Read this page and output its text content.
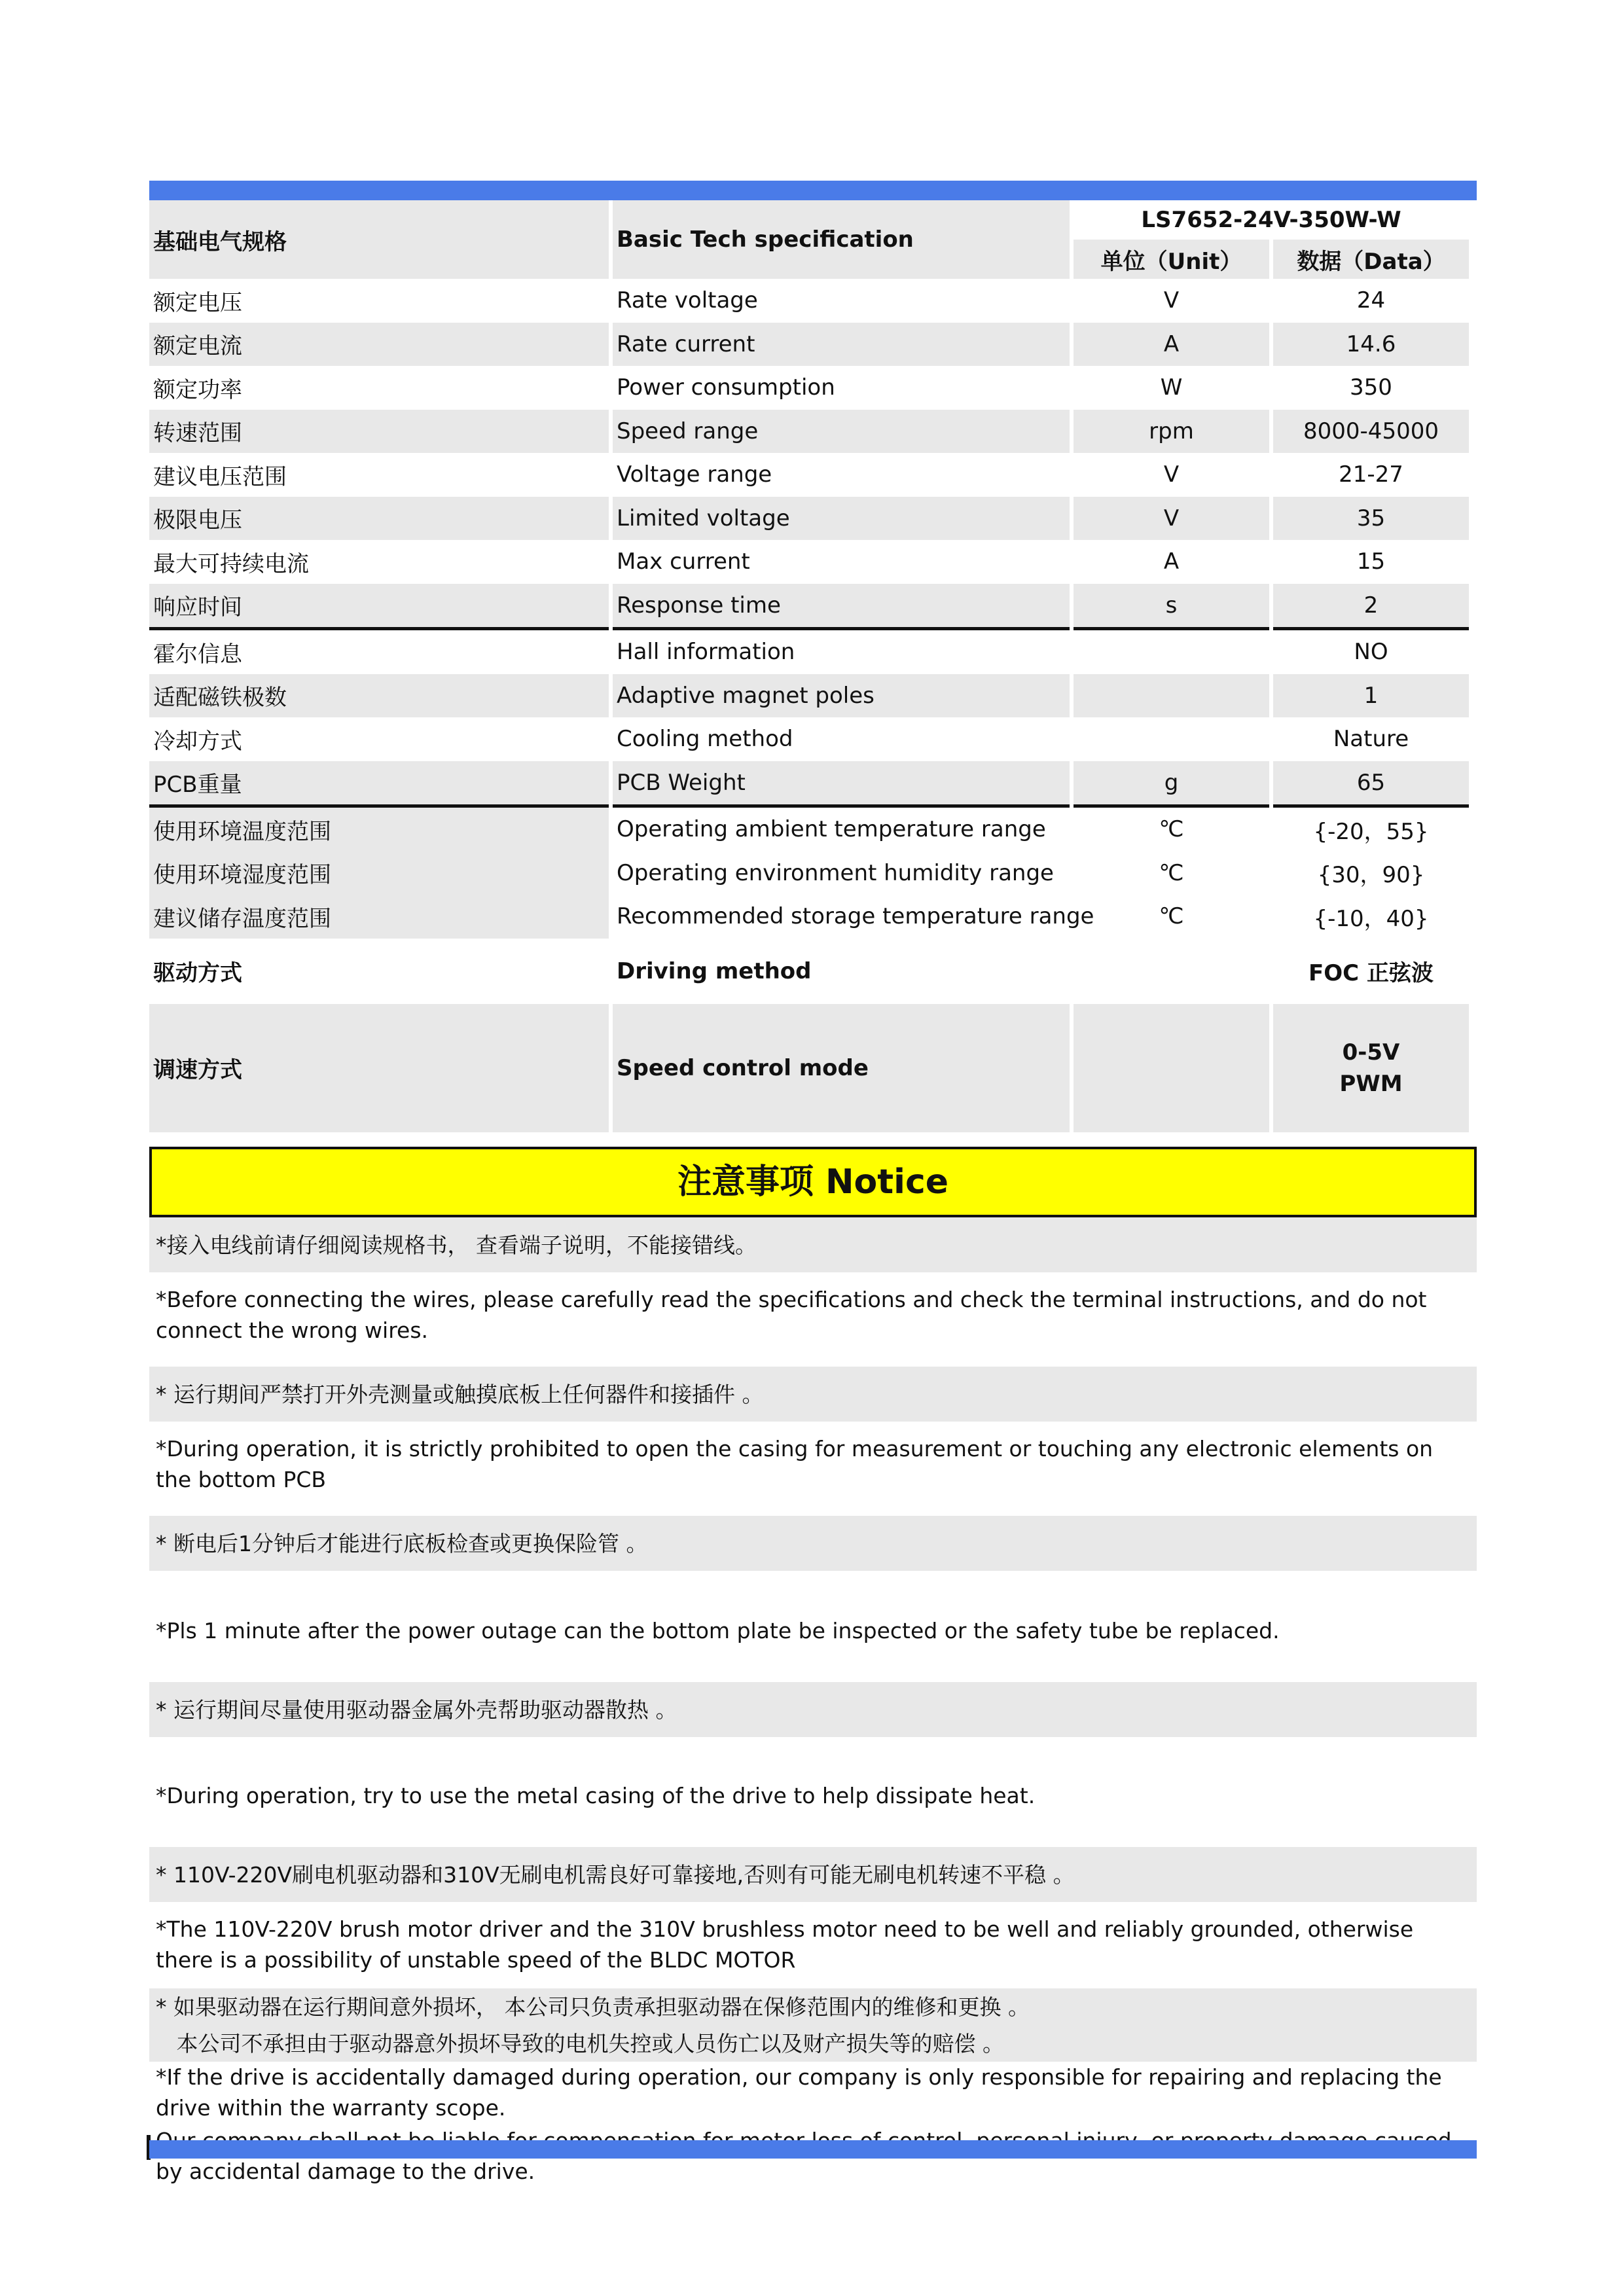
基础电气规格	Basic Tech specification	LS7652-24V-350W-W	
		单位（Unit）	数据（Data）
额定电压	Rate voltage	V	24
额定电流	Rate current	A	14.6
额定功率	Power consumption	W	350
转速范围	Speed range	rpm	8000-45000
建议电压范围	Voltage range	V	21-27
极限电压	Limited voltage	V	35
最大可持续电流	Max current	A	15
响应时间	Response time	s	2
霍尔信息	Hall information		NO
适配磁铁极数	Adaptive magnet poles		1
冷却方式	Cooling method		Nature
PCB重量	PCB Weight	g	65
使用环境温度范围	Operating ambient temperature range	℃	{-20，55}
使用环境湿度范围	Operating environment humidity range	℃	{30，90}
建议储存温度范围	Recommended storage temperature range	℃	{-10，40}
驱动方式	Driving method		FOC 正弦波
调速方式	Speed control mode		0-5V
PWM
注意事项 Notice
*接入电线前请仔细阅读规格书， 查看端子说明，不能接错线。
*Before connecting the wires, please carefully read the specifications and check the terminal instructions, and do not connect the wrong wires.
* 运行期间严禁打开外壳测量或触摸底板上任何器件和接插件 。
*During operation, it is strictly prohibited to open the casing for measurement or touching any electronic elements on the bottom PCB
* 断电后1分钟后才能进行底板检查或更换保险管 。
*Pls 1 minute after the power outage can the bottom plate be inspected or the safety tube be replaced.
* 运行期间尽量使用驱动器金属外壳帮助驱动器散热 。
*During operation, try to use the metal casing of the drive to help dissipate heat.
* 110V-220V刷电机驱动器和310V无刷电机需良好可靠接地,否则有可能无刷电机转速不平稳 。
*The 110V-220V brush motor driver and the 310V brushless motor need to be well and reliably grounded, otherwise there is a possibility of unstable speed of the BLDC MOTOR
* 如果驱动器在运行期间意外损坏， 本公司只负责承担驱动器在保修范围内的维修和更换 。
本公司不承担由于驱动器意外损坏导致的电机失控或人员伤亡以及财产损失等的赔偿 。
*If the drive is accidentally damaged during operation, our company is only responsible for repairing and replacing the drive within the warranty scope.
by accidental damage to the drive.
